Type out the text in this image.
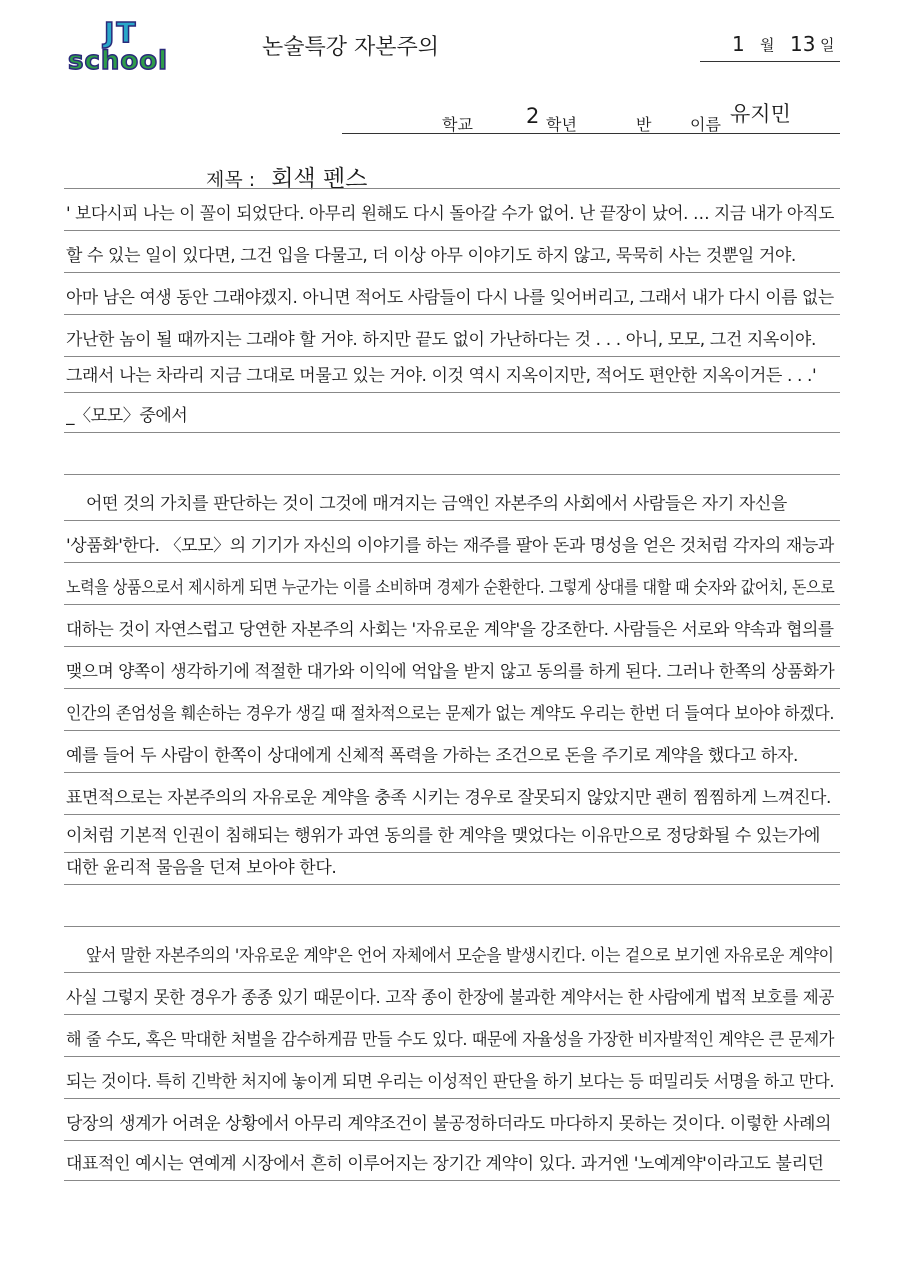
JT
school	논술특강 자본주의	1 월 13 일
학교	2 학년	반 이름 유지민
제목 : 회색 펜스
' 보다시피 나는 이 꼴이 되었단다. 아무리 원해도 다시 돌아갈 수가 없어. 난 끝장이 났어. … 지금 내가 아직도
할 수 있는 일이 있다면, 그건 입을 다물고, 더 이상 아무 이야기도 하지 않고, 묵묵히 사는 것뿐일 거야.
아마 남은 여생 동안 그래야겠지. 아니면 적어도 사람들이 다시 나를 잊어버리고, 그래서 내가 다시 이름 없는
가난한 놈이 될 때까지는 그래야 할 거야. 하지만 끝도 없이 가난하다는 것 . . . 아니, 모모, 그건 지옥이야.
그래서 나는 차라리 지금 그대로 머물고 있는 거야. 이것 역시 지옥이지만, 적어도 편안한 지옥이거든 . . .'
_〈모모〉중에서
어떤 것의 가치를 판단하는 것이 그것에 매겨지는 금액인 자본주의 사회에서 사람들은 자기 자신을
'상품화'한다. 〈모모〉의 기기가 자신의 이야기를 하는 재주를 팔아 돈과 명성을 얻은 것처럼 각자의 재능과
노력을 상품으로서 제시하게 되면 누군가는 이를 소비하며 경제가 순환한다. 그렇게 상대를 대할 때 숫자와 값어치, 돈으로
대하는 것이 자연스럽고 당연한 자본주의 사회는 '자유로운 계약'을 강조한다. 사람들은 서로와 약속과 협의를
맺으며 양쪽이 생각하기에 적절한 대가와 이익에 억압을 받지 않고 동의를 하게 된다. 그러나 한쪽의 상품화가
인간의 존엄성을 훼손하는 경우가 생길 때 절차적으로는 문제가 없는 계약도 우리는 한번 더 들여다 보아야 하겠다.
예를 들어 두 사람이 한쪽이 상대에게 신체적 폭력을 가하는 조건으로 돈을 주기로 계약을 했다고 하자.
표면적으로는 자본주의의 자유로운 계약을 충족 시키는 경우로 잘못되지 않았지만 괜히 찜찜하게 느껴진다.
이처럼 기본적 인권이 침해되는 행위가 과연 동의를 한 계약을 맺었다는 이유만으로 정당화될 수 있는가에
대한 윤리적 물음을 던져 보아야 한다.
앞서 말한 자본주의의 '자유로운 계약'은 언어 자체에서 모순을 발생시킨다. 이는 겉으로 보기엔 자유로운 계약이
사실 그렇지 못한 경우가 종종 있기 때문이다. 고작 종이 한장에 불과한 계약서는 한 사람에게 법적 보호를 제공
해 줄 수도, 혹은 막대한 처벌을 감수하게끔 만들 수도 있다. 때문에 자율성을 가장한 비자발적인 계약은 큰 문제가
되는 것이다. 특히 긴박한 처지에 놓이게 되면 우리는 이성적인 판단을 하기 보다는 등 떠밀리듯 서명을 하고 만다.
당장의 생계가 어려운 상황에서 아무리 계약조건이 불공정하더라도 마다하지 못하는 것이다. 이렇한 사례의
대표적인 예시는 연예계 시장에서 흔히 이루어지는 장기간 계약이 있다. 과거엔 '노예계약'이라고도 불리던
